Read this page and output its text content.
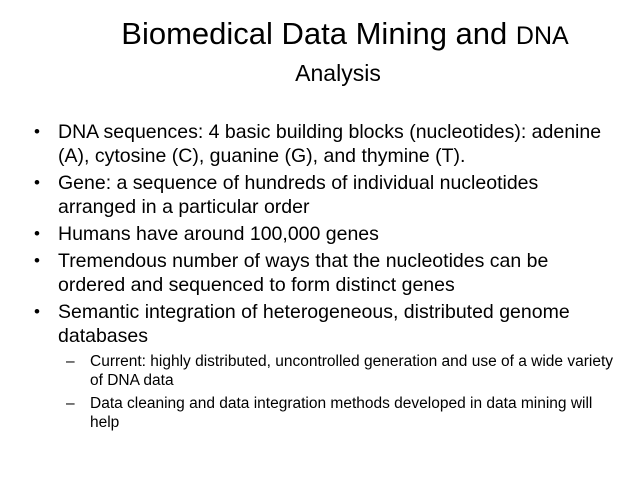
Biomedical Data Mining and DNA
Analysis
• DNA sequences: 4 basic building blocks (nucleotides): adenine (A), cytosine (C), guanine (G), and thymine (T).
• Gene: a sequence of hundreds of individual nucleotides arranged in a particular order
• Humans have around 100,000 genes
• Tremendous number of ways that the nucleotides can be ordered and sequenced to form distinct genes
• Semantic integration of heterogeneous, distributed genome databases
– Current: highly distributed, uncontrolled generation and use of a wide variety of DNA data
– Data cleaning and data integration methods developed in data mining will help
